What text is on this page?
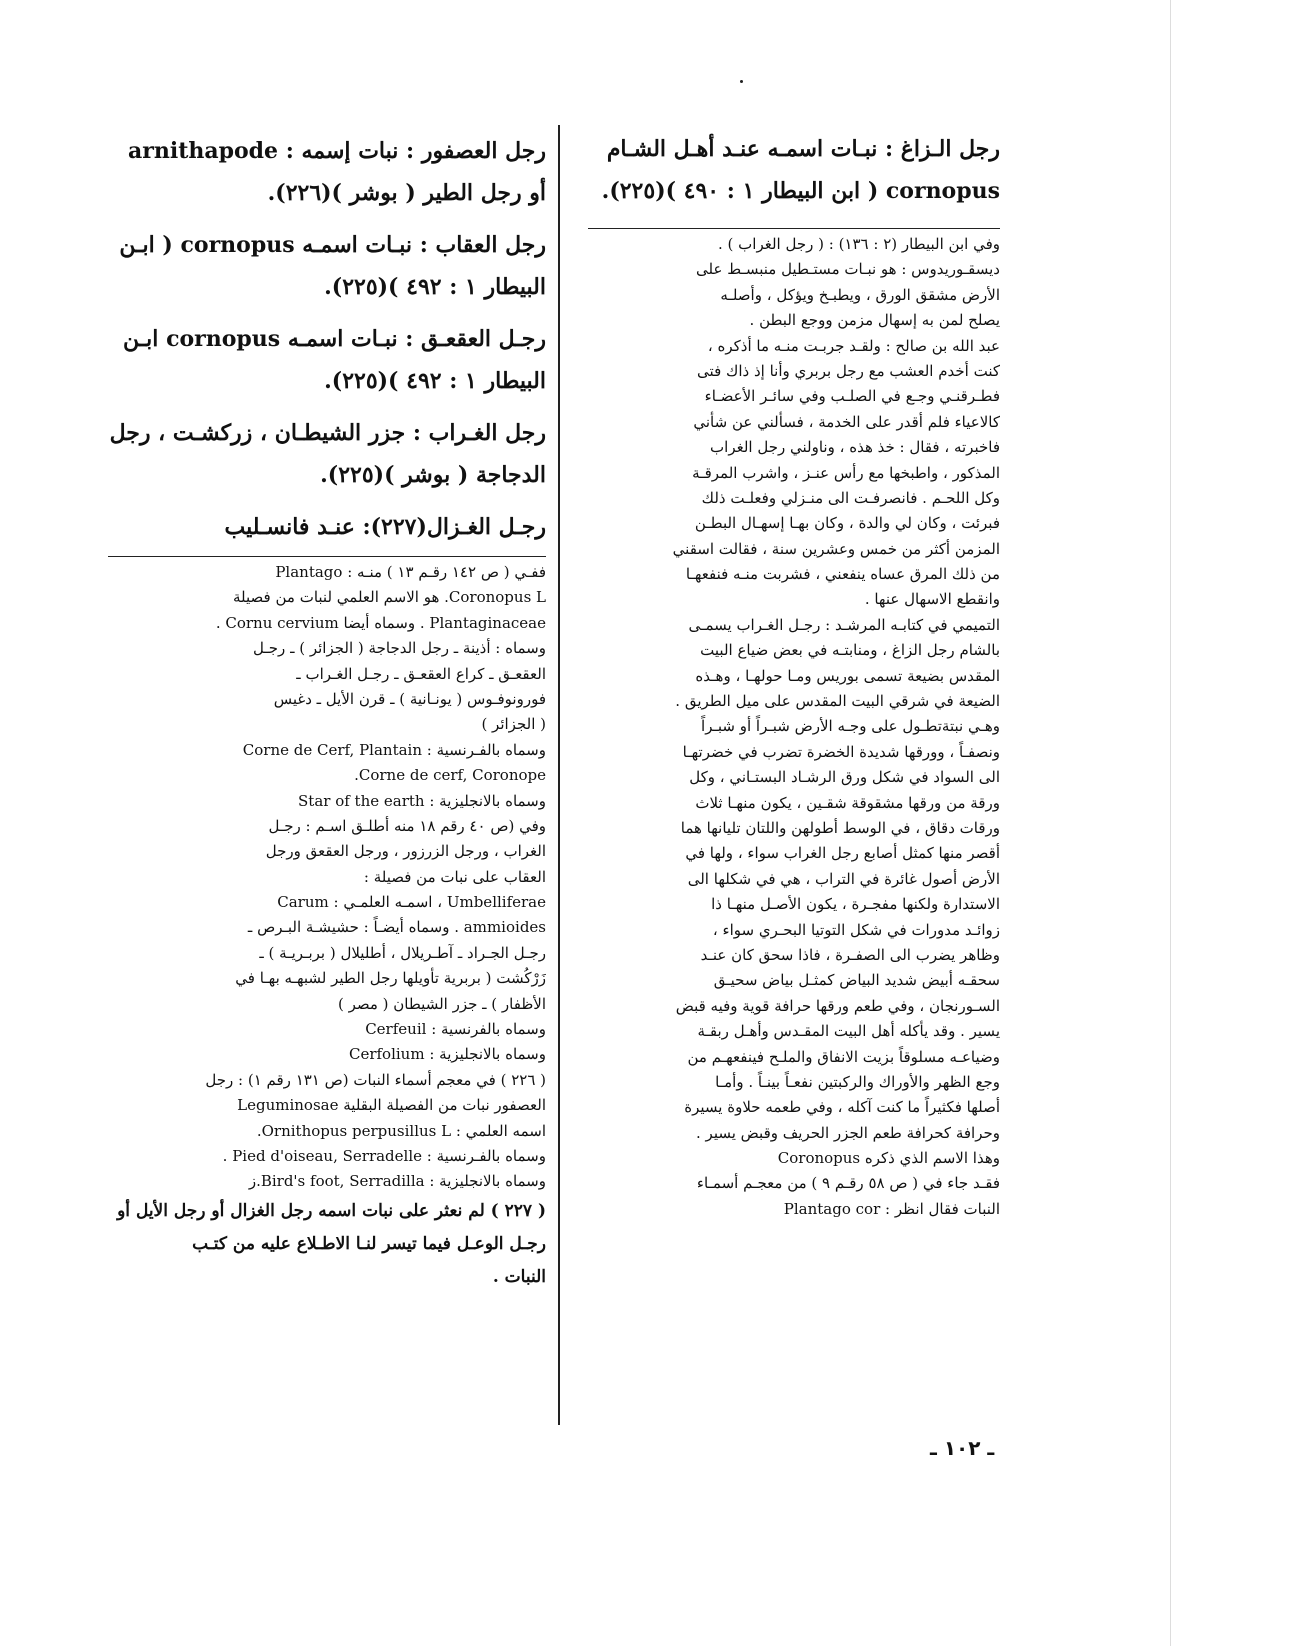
رجل الـزاغ : نبـات اسمـه عنـد أهـل الشـام cornopus ( ابن البيطار ١ : ٤٩٠ )(٢٢٥).
وفي ابن البيطار (٢ : ١٣٦) : ( رجل الغراب ) .
ديسقـوريدوس : هو نبـات مستـطيل منبسـط على
الأرض مشقق الورق ، ويطبـخ ويؤكل ، وأصلـه
يصلح لمن به إسهال مزمن ووجع البطن .
عبد الله بن صالح : ولقـد جربـت منـه ما أذكره ،
كنت أخدم العشب مع رجل بربري وأنا إذ ذاك فتى
فطـرقنـي وجـع في الصلـب وفي سائـر الأعضـاء
كالاعياء فلم أقدر على الخدمة ، فسألني عن شأني
فاخبرته ، فقال : خذ هذه ، وناولني رجل الغراب
المذكور ، واطبخها مع رأس عنـز ، واشرب المرقـة
وكل اللحـم . فانصرفـت الى منـزلي وفعلـت ذلك
فبرئت ، وكان لي والدة ، وكان بهـا إسهـال البطـن
المزمن أكثر من خمس وعشرين سنة ، فقالت اسقني
من ذلك المرق عساه ينفعني ، فشربت منـه فنفعهـا
وانقطع الاسهال عنها .
التميمي في كتابـه المرشـد : رجـل الغـراب يسمـى
بالشام رجل الزاغ ، ومنابتـه في بعض ضياع البيت
المقدس بضيعة تسمى بوريس ومـا حولهـا ، وهـذه
الضيعة في شرقي البيت المقدس على ميل الطريق .
وهـي نبتةتطـول على وجـه الأرض شبـراً أو شبـراً
ونصفـاً ، وورقها شديدة الخضرة تضرب في خضرتهـا
الى السواد في شكل ورق الرشـاد البستـاني ، وكل
ورقة من ورقها مشقوقة شقـين ، يكون منهـا ثلاث
ورقات دقاق ، في الوسط أطولهن واللتان تليانها هما
أقصر منها كمثل أصابع رجل الغراب سواء ، ولها في
الأرض أصول غائرة في التراب ، هي في شكلها الى
الاستدارة ولكنها مفجـرة ، يكون الأصـل منهـا ذا
زوائـد مدورات في شكل التوتيا البحـري سواء ،
وظاهر يضرب الى الصفـرة ، فاذا سحق كان عنـد
سحقـه أبيض شديد البياض كمثـل بياض سحيـق
السـورنجان ، وفي طعم ورقها حرافة قوية وفيه قبض
يسير . وقد يأكله أهل البيت المقـدس وأهـل ربقـة
وضياعـه مسلوقاً بزيت الانفاق والملـح فينفعهـم من
وجع الظهر والأوراك والركبتين نفعـاً بينـاً . وأمـا
أصلها فكثيراً ما كنت آكله ، وفي طعمه حلاوة يسيرة
وحرافة كحرافة طعم الجزر الحريف وقبض يسير .
وهذا الاسم الذي ذكره Coronopus
فقـد جاء في ( ص ٥٨ رقـم ٩ ) من معجـم أسمـاء
النبات فقال انظر : Plantago cor
رجل العصفور : نبات إسمه : arnithapode أو رجل الطير ( بوشر )(٢٢٦).
رجل العقاب : نبـات اسمـه cornopus ( ابـن البيطار ١ : ٤٩٢ )(٢٢٥).
رجـل العقعـق : نبـات اسمـه cornopus ابـن البيطار ١ : ٤٩٢ )(٢٢٥).
رجل الغـراب : جزر الشيطـان ، زركشـت ، رجل الدجاجة ( بوشر )(٢٢٥).
رجـل الغـزال(٢٢٧): عنـد فانسـليب
ففـي ( ص ١٤٢ رقـم ١٣ ) منـه : Plantago
Coronopus L. هو الاسم العلمي لنبات من فصيلة
Plantaginaceae . وسماه أيضا Cornu cervium .
وسماه : أذينة ـ رجل الدجاجة ( الجزائر ) ـ رجـل
العقعـق ـ كراع العقعـق ـ رجـل الغـراب ـ
فورونوفـوس ( يونـانية ) ـ قرن الأيل ـ دغيس
( الجزائر )
وسماه بالفـرنسية : Corne de Cerf, Plantain
Corne de cerf, Coronope.
وسماه بالانجليزية : Star of the earth
وفي (ص ٤٠ رقم ١٨ منه أطلـق اسـم : رجـل
الغراب ، ورجل الزرزور ، ورجل العقعق ورجل
العقاب على نبات من فصيلة :
Umbelliferae ، اسمـه العلمـي : Carum
ammioides . وسماه أيضـاً : حشيشـة البـرص ـ
رجـل الجـراد ـ آطـريلال ، أطليلال ( بربـريـة ) ـ
زَرْكُشت ( بربرية تأويلها رجل الطير لشبهـه بهـا في
الأظفار ) ـ جزر الشيطان ( مصر )
وسماه بالفرنسية : Cerfeuil
وسماه بالانجليزية : Cerfolium
( ٢٢٦ ) في معجم أسماء النبات (ص ١٣١ رقم ١) : رجل
العصفور نبات من الفصيلة البقلية Leguminosae
اسمه العلمي : Ornithopus perpusillus L.
وسماه بالفـرنسية : Pied d'oiseau, Serradelle .
وسماه بالانجليزية : Bird's foot, Serradilla.ز
( ٢٢٧ ) لم نعثر على نبات اسمه رجل الغزال أو رجل الأيل أو
رجـل الوعـل فيما تيسر لنـا الاطـلاع عليه من كتـب
النبات .
ـ ١٠٢ ـ
